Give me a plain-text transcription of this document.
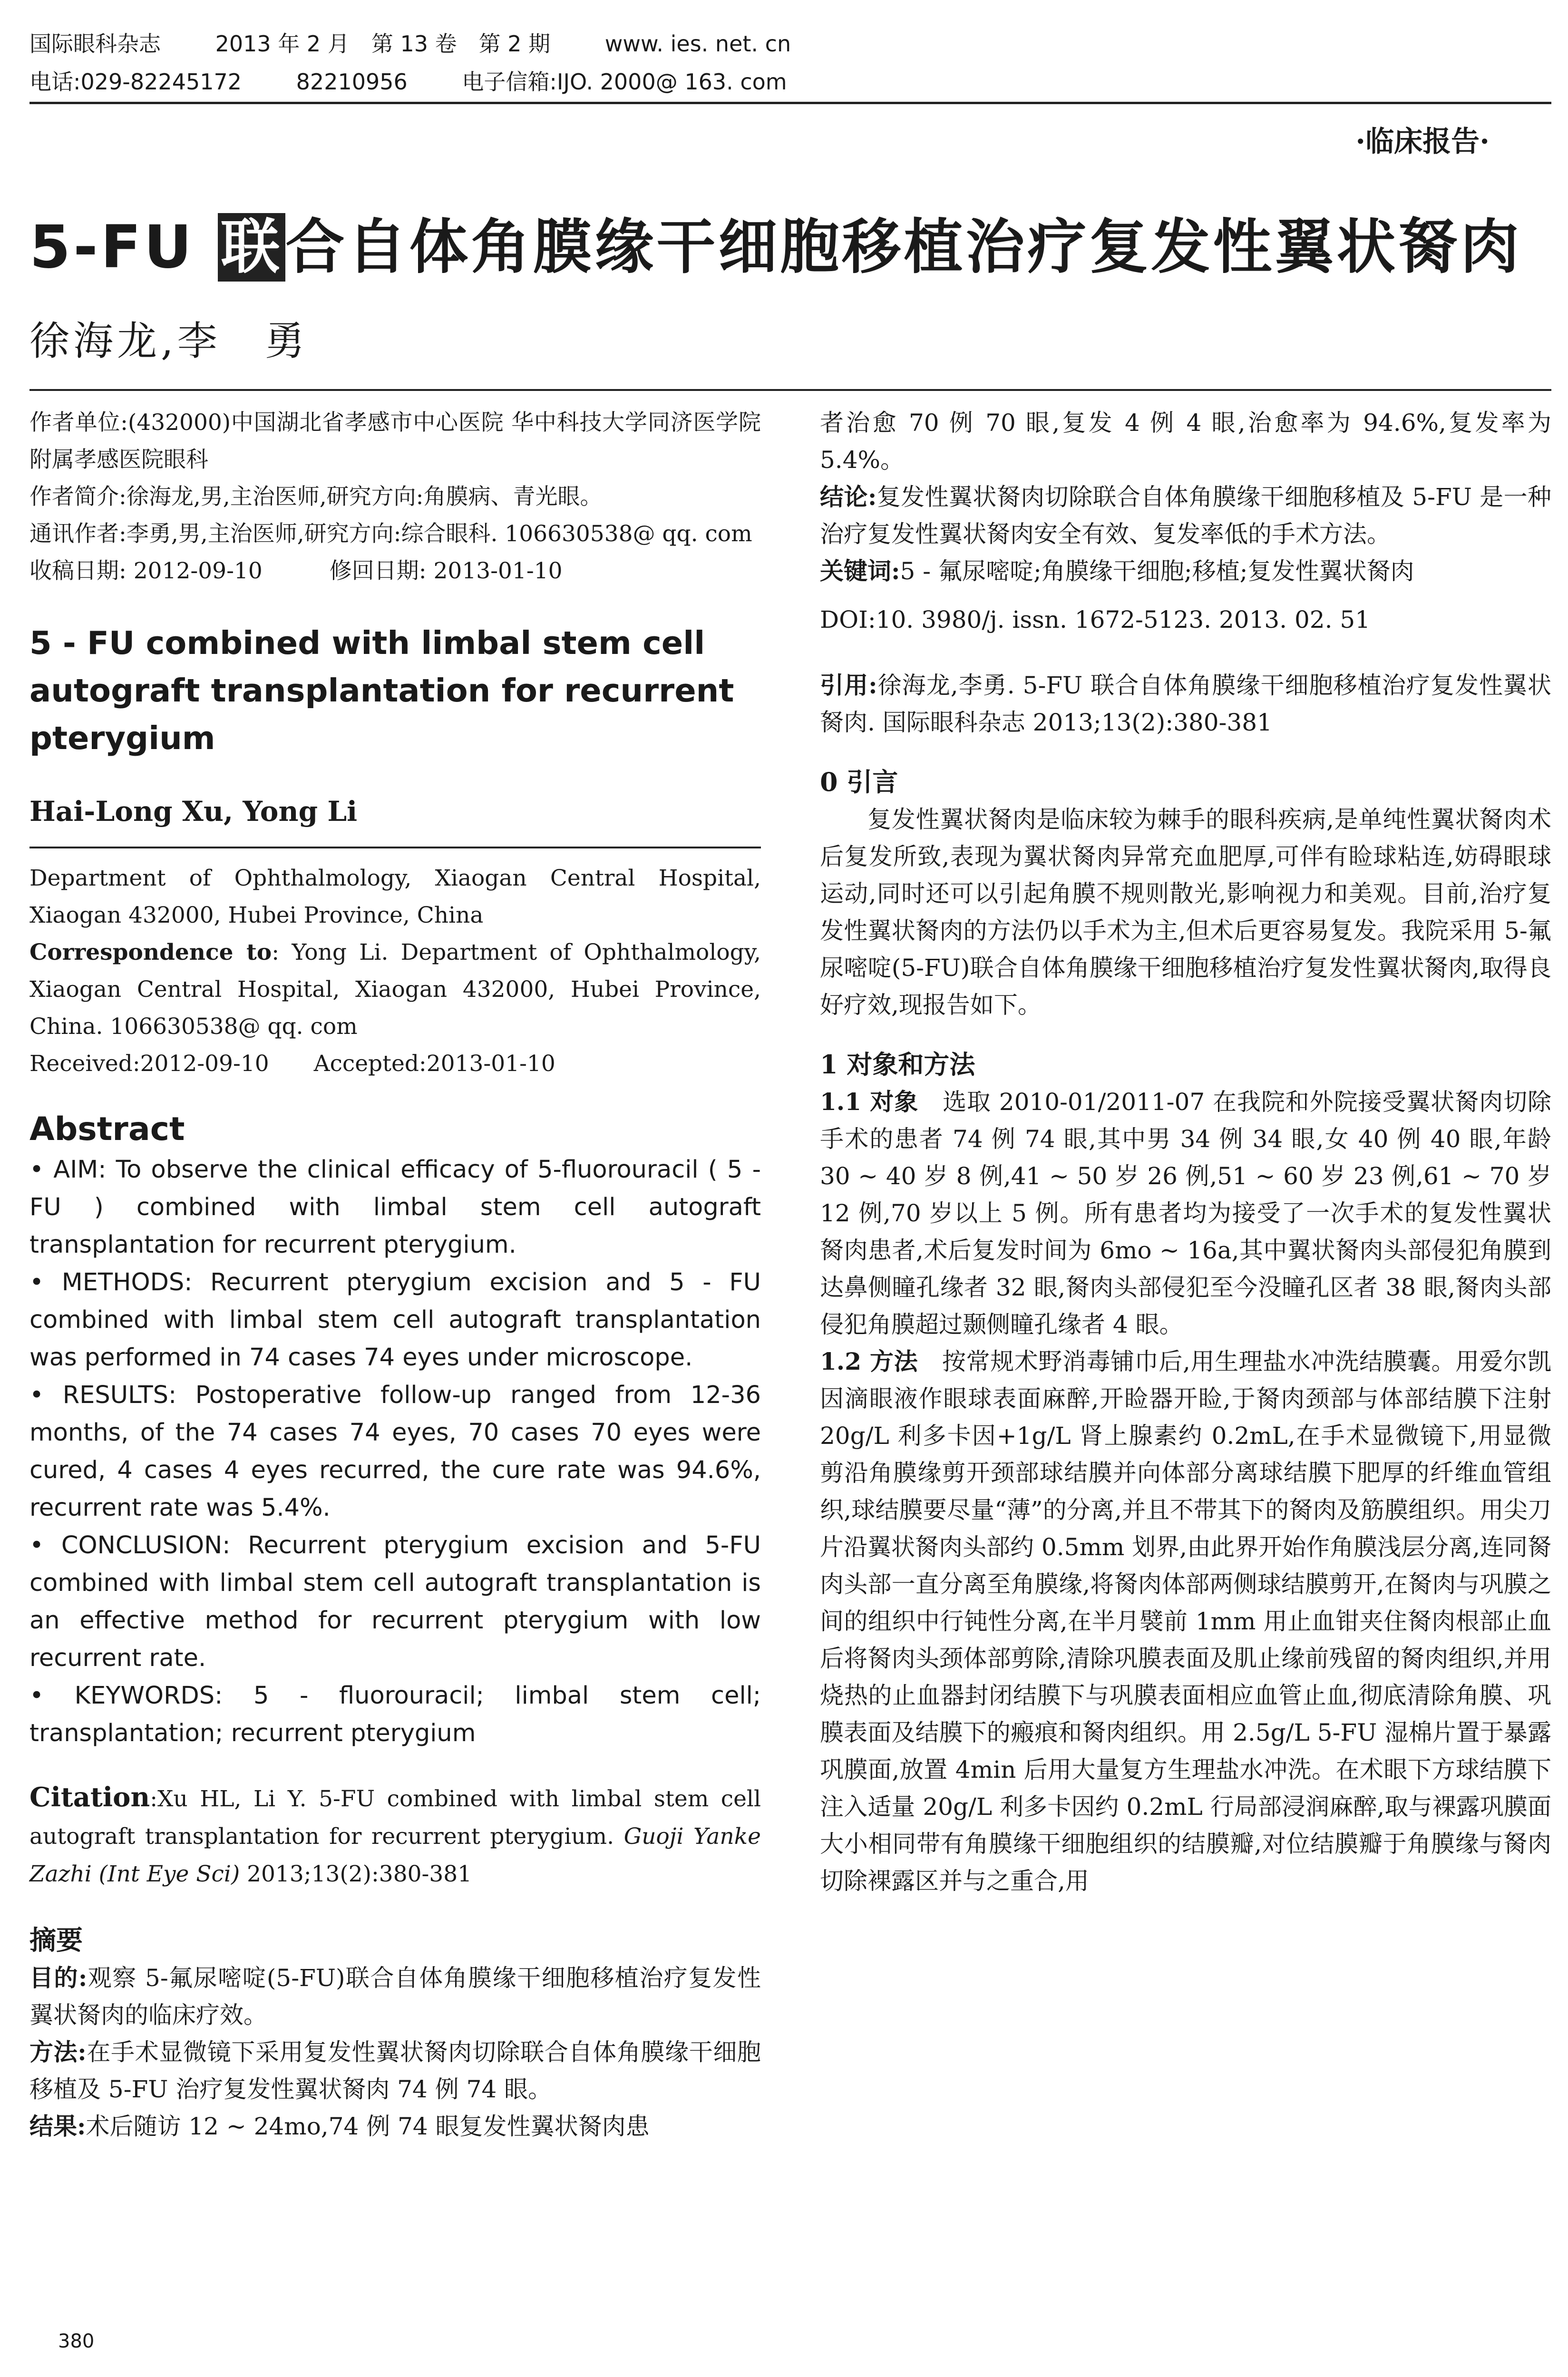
国际眼科杂志 2013 年 2 月　第 13 卷　第 2 期 www. ies. net. cn
电话:029-82245172 82210956 电子信箱:IJO. 2000@ 163. com
·临床报告·
5-FU 联合自体角膜缘干细胞移植治疗复发性翼状胬肉
徐海龙,李　勇

作者单位:(432000)中国湖北省孝感市中心医院 华中科技大学同济医学院附属孝感医院眼科

作者简介:徐海龙,男,主治医师,研究方向:角膜病、青光眼。

通讯作者:李勇,男,主治医师,研究方向:综合眼科. 106630538@ qq. com

收稿日期: 2012-09-10　　　修回日期: 2013-01-10

5 - FU combined with limbal stem cell autograft transplantation for recurrent pterygium
Hai-Long Xu, Yong Li

Department of Ophthalmology, Xiaogan Central Hospital, Xiaogan 432000, Hubei Province, China

Correspondence to: Yong Li. Department of Ophthalmology, Xiaogan Central Hospital, Xiaogan 432000, Hubei Province, China. 106630538@ qq. com

Received:2012-09-10　　Accepted:2013-01-10

Abstract

• AIM: To observe the clinical efficacy of 5-fluorouracil ( 5 - FU ) combined with limbal stem cell autograft transplantation for recurrent pterygium.

• METHODS: Recurrent pterygium excision and 5 - FU combined with limbal stem cell autograft transplantation was performed in 74 cases 74 eyes under microscope.

• RESULTS: Postoperative follow-up ranged from 12-36 months, of the 74 cases 74 eyes, 70 cases 70 eyes were cured, 4 cases 4 eyes recurred, the cure rate was 94.6%, recurrent rate was 5.4%.

• CONCLUSION: Recurrent pterygium excision and 5-FU combined with limbal stem cell autograft transplantation is an effective method for recurrent pterygium with low recurrent rate.

• KEYWORDS: 5 - fluorouracil; limbal stem cell; transplantation; recurrent pterygium

Citation:Xu HL, Li Y. 5-FU combined with limbal stem cell autograft transplantation for recurrent pterygium. Guoji Yanke Zazhi (Int Eye Sci) 2013;13(2):380-381

摘要

目的:观察 5-氟尿嘧啶(5-FU)联合自体角膜缘干细胞移植治疗复发性翼状胬肉的临床疗效。

方法:在手术显微镜下采用复发性翼状胬肉切除联合自体角膜缘干细胞移植及 5-FU 治疗复发性翼状胬肉 74 例 74 眼。

结果:术后随访 12 ~ 24mo,74 例 74 眼复发性翼状胬肉患

者治愈 70 例 70 眼,复发 4 例 4 眼,治愈率为 94.6%,复发率为 5.4%。

结论:复发性翼状胬肉切除联合自体角膜缘干细胞移植及 5-FU 是一种治疗复发性翼状胬肉安全有效、复发率低的手术方法。

关键词:5 - 氟尿嘧啶;角膜缘干细胞;移植;复发性翼状胬肉

DOI:10. 3980/j. issn. 1672-5123. 2013. 02. 51

引用:徐海龙,李勇. 5-FU 联合自体角膜缘干细胞移植治疗复发性翼状胬肉. 国际眼科杂志 2013;13(2):380-381

0 引言

复发性翼状胬肉是临床较为棘手的眼科疾病,是单纯性翼状胬肉术后复发所致,表现为翼状胬肉异常充血肥厚,可伴有睑球粘连,妨碍眼球运动,同时还可以引起角膜不规则散光,影响视力和美观。目前,治疗复发性翼状胬肉的方法仍以手术为主,但术后更容易复发。我院采用 5-氟尿嘧啶(5-FU)联合自体角膜缘干细胞移植治疗复发性翼状胬肉,取得良好疗效,现报告如下。

1 对象和方法

1.1 对象　 选取 2010-01/2011-07 在我院和外院接受翼状胬肉切除手术的患者 74 例 74 眼,其中男 34 例 34 眼,女 40 例 40 眼,年龄 30 ~ 40 岁 8 例,41 ~ 50 岁 26 例,51 ~ 60 岁 23 例,61 ~ 70 岁 12 例,70 岁以上 5 例。所有患者均为接受了一次手术的复发性翼状胬肉患者,术后复发时间为 6mo ~ 16a,其中翼状胬肉头部侵犯角膜到达鼻侧瞳孔缘者 32 眼,胬肉头部侵犯至今没瞳孔区者 38 眼,胬肉头部侵犯角膜超过颞侧瞳孔缘者 4 眼。

1.2 方法　 按常规术野消毒铺巾后,用生理盐水冲洗结膜囊。用爱尔凯因滴眼液作眼球表面麻醉,开睑器开睑,于胬肉颈部与体部结膜下注射 20g/L 利多卡因+1g/L 肾上腺素约 0.2mL,在手术显微镜下,用显微剪沿角膜缘剪开颈部球结膜并向体部分离球结膜下肥厚的纤维血管组织,球结膜要尽量“薄”的分离,并且不带其下的胬肉及筋膜组织。用尖刀片沿翼状胬肉头部约 0.5mm 划界,由此界开始作角膜浅层分离,连同胬肉头部一直分离至角膜缘,将胬肉体部两侧球结膜剪开,在胬肉与巩膜之间的组织中行钝性分离,在半月襞前 1mm 用止血钳夹住胬肉根部止血后将胬肉头颈体部剪除,清除巩膜表面及肌止缘前残留的胬肉组织,并用烧热的止血器封闭结膜下与巩膜表面相应血管止血,彻底清除角膜、巩膜表面及结膜下的瘢痕和胬肉组织。用 2.5g/L 5-FU 湿棉片置于暴露巩膜面,放置 4min 后用大量复方生理盐水冲洗。在术眼下方球结膜下注入适量 20g/L 利多卡因约 0.2mL 行局部浸润麻醉,取与裸露巩膜面大小相同带有角膜缘干细胞组织的结膜瓣,对位结膜瓣于角膜缘与胬肉切除裸露区并与之重合,用

380
